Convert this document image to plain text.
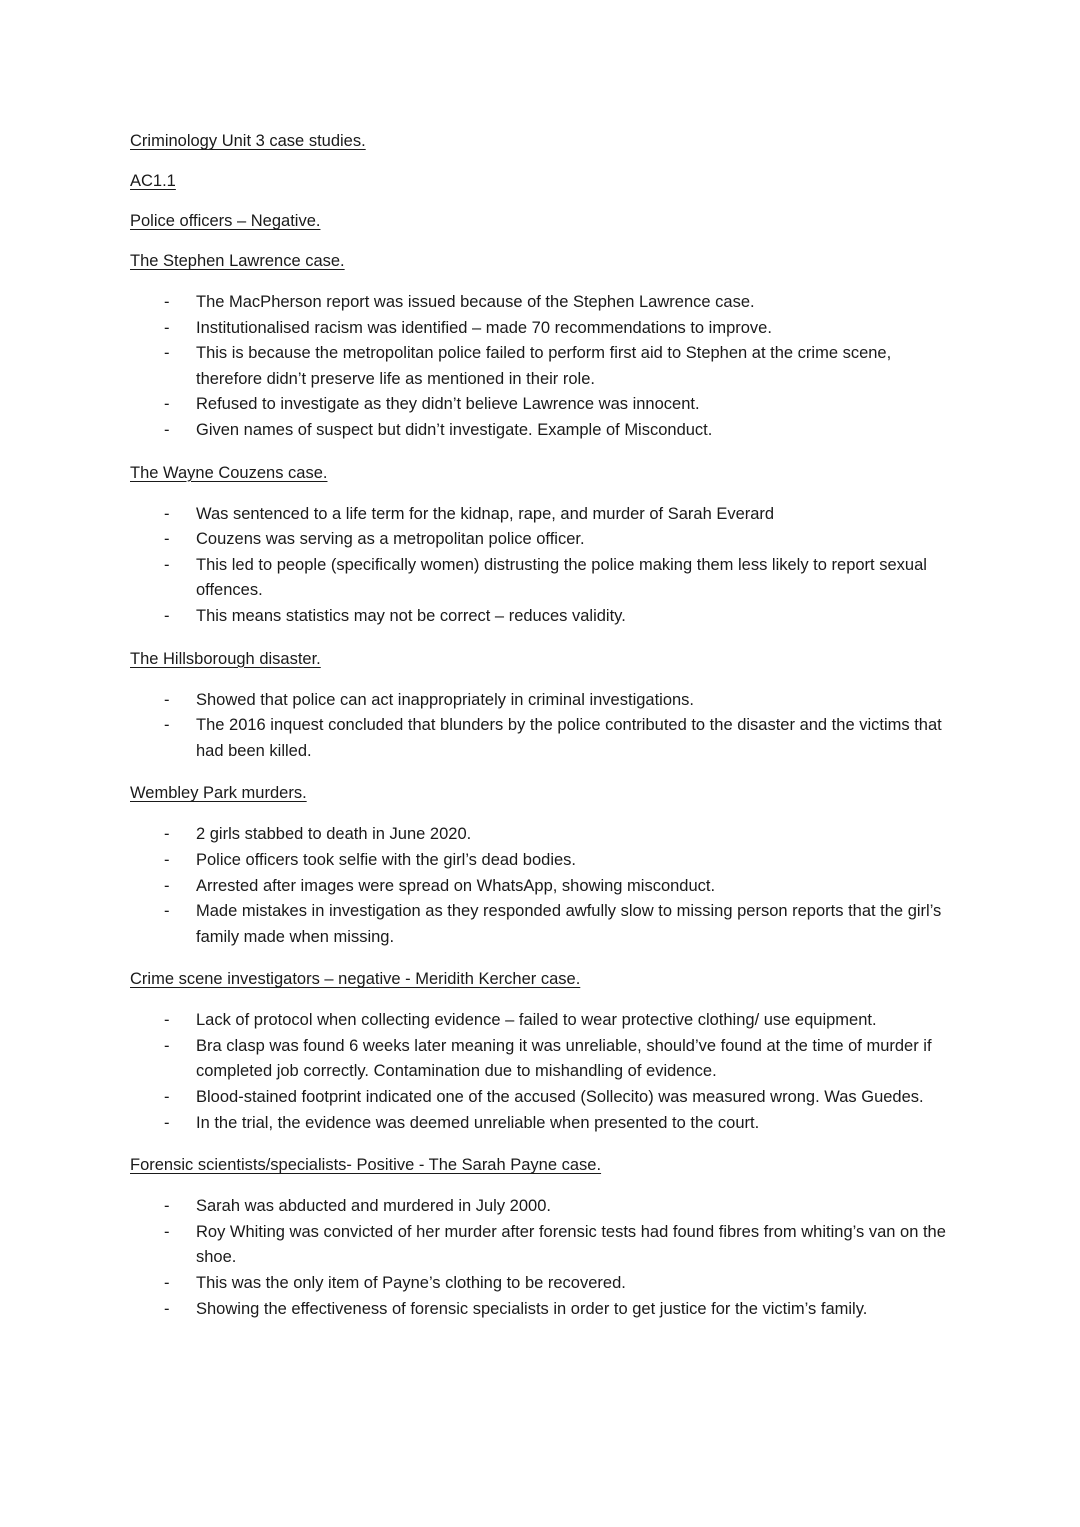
Criminology Unit 3 case studies.
AC1.1
Police officers – Negative.
The Stephen Lawrence case.
- The MacPherson report was issued because of the Stephen Lawrence case.
- Institutionalised racism was identified – made 70 recommendations to improve.
- This is because the metropolitan police failed to perform first aid to Stephen at the crime scene, therefore didn’t preserve life as mentioned in their role.
- Refused to investigate as they didn’t believe Lawrence was innocent.
- Given names of suspect but didn’t investigate. Example of Misconduct.
The Wayne Couzens case.
- Was sentenced to a life term for the kidnap, rape, and murder of Sarah Everard
- Couzens was serving as a metropolitan police officer.
- This led to people (specifically women) distrusting the police making them less likely to report sexual offences.
- This means statistics may not be correct – reduces validity.
The Hillsborough disaster.
- Showed that police can act inappropriately in criminal investigations.
- The 2016 inquest concluded that blunders by the police contributed to the disaster and the victims that had been killed.
Wembley Park murders.
- 2 girls stabbed to death in June 2020.
- Police officers took selfie with the girl’s dead bodies.
- Arrested after images were spread on WhatsApp, showing misconduct.
- Made mistakes in investigation as they responded awfully slow to missing person reports that the girl’s family made when missing.
Crime scene investigators – negative - Meridith Kercher case.
- Lack of protocol when collecting evidence – failed to wear protective clothing/ use equipment.
- Bra clasp was found 6 weeks later meaning it was unreliable, should’ve found at the time of murder if completed job correctly. Contamination due to mishandling of evidence.
- Blood-stained footprint indicated one of the accused (Sollecito) was measured wrong. Was Guedes.
- In the trial, the evidence was deemed unreliable when presented to the court.
Forensic scientists/specialists- Positive - The Sarah Payne case.
- Sarah was abducted and murdered in July 2000.
- Roy Whiting was convicted of her murder after forensic tests had found fibres from whiting’s van on the shoe.
- This was the only item of Payne’s clothing to be recovered.
- Showing the effectiveness of forensic specialists in order to get justice for the victim’s family.
